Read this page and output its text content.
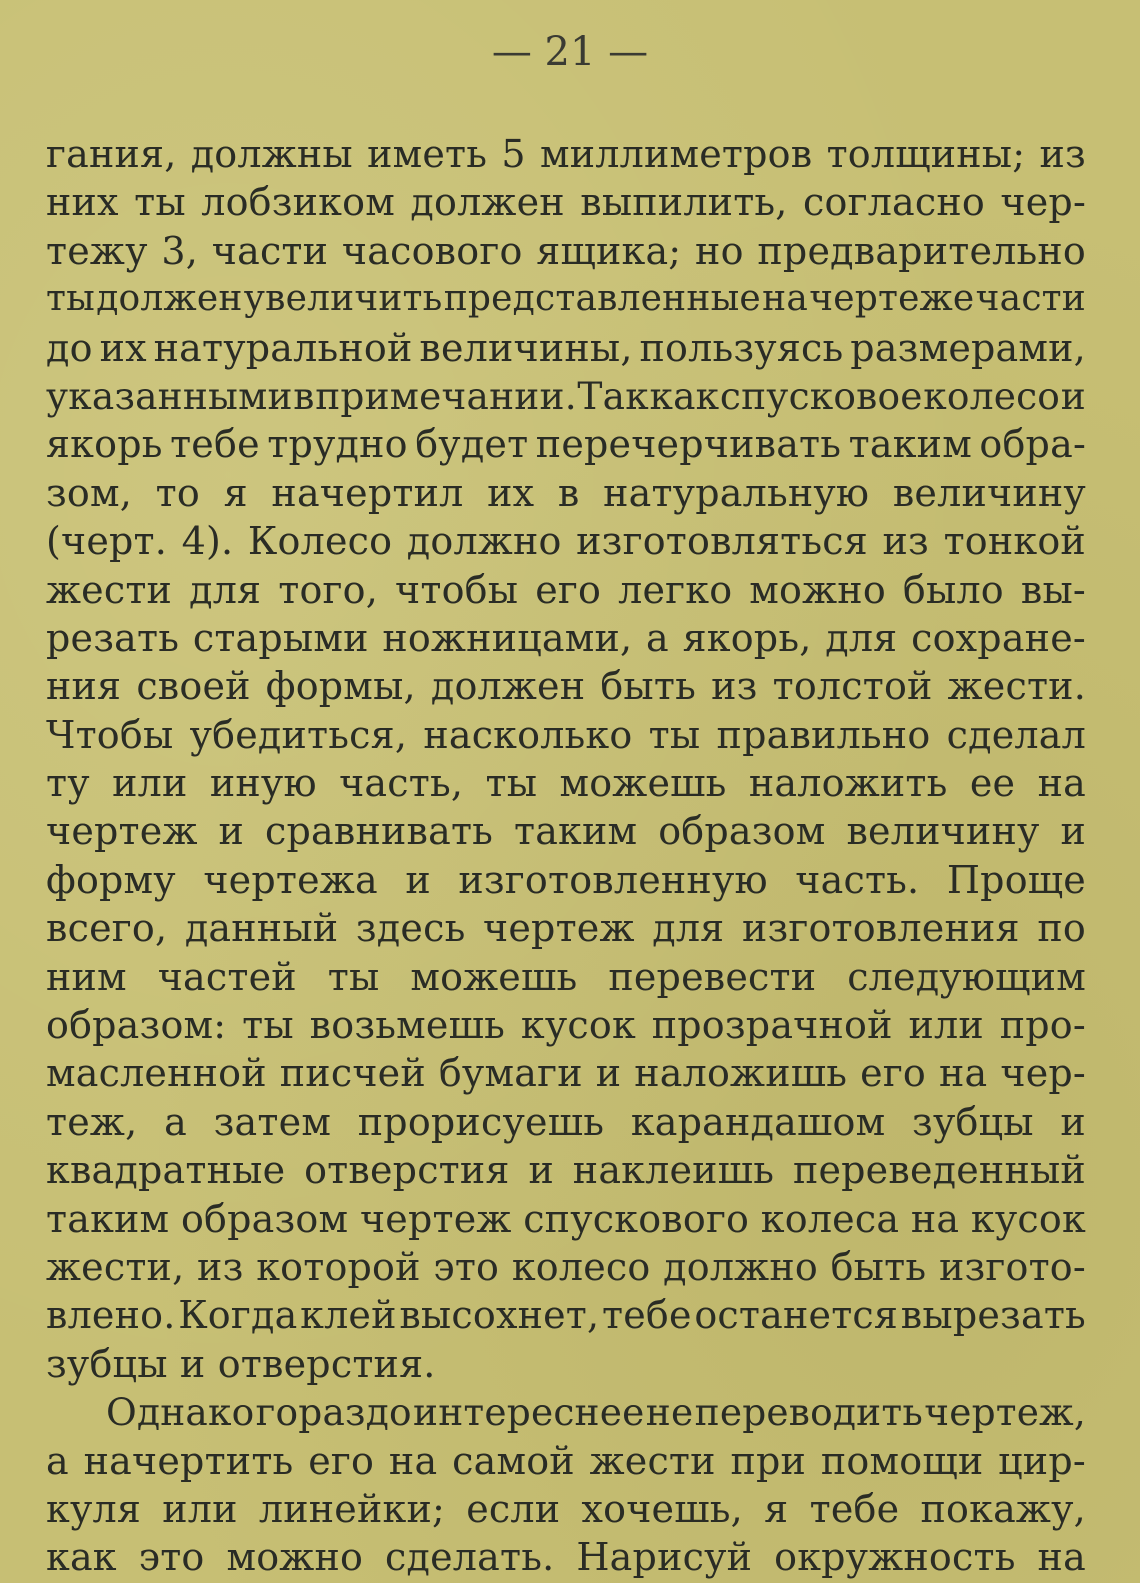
— 21 —
гания, должны иметь 5 миллиметров толщины; из
них ты лобзиком должен выпилить, согласно чер-
тежу 3, части часового ящика; но предварительно
ты должен увеличить представленные на чертеже части
до их натуральной величины, пользуясь размерами,
указанными в примечании. Так как спусковое колесо и
якорь тебе трудно будет перечерчивать таким обра-
зом, то я начертил их в натуральную величину
(черт. 4). Колесо должно изготовляться из тонкой
жести для того, чтобы его легко можно было вы-
резать старыми ножницами, а якорь, для сохране-
ния своей формы, должен быть из толстой жести.
Чтобы убедиться, насколько ты правильно сделал
ту или иную часть, ты можешь наложить ее на
чертеж и сравнивать таким образом величину и
форму чертежа и изготовленную часть. Проще
всего, данный здесь чертеж для изготовления по
ним частей ты можешь перевести следующим
образом: ты возьмешь кусок прозрачной или про-
масленной писчей бумаги и наложишь его на чер-
теж, а затем прорисуешь карандашом зубцы и
квадратные отверстия и наклеишь переведенный
таким образом чертеж спускового колеса на кусок
жести, из которой это колесо должно быть изгото-
влено. Когда клей высохнет, тебе останется вырезать
зубцы и отверстия.
Однако гораздо интереснее не переводить чертеж,
а начертить его на самой жести при помощи цир-
куля или линейки; если хочешь, я тебе покажу,
как это можно сделать. Нарисуй окружность на
